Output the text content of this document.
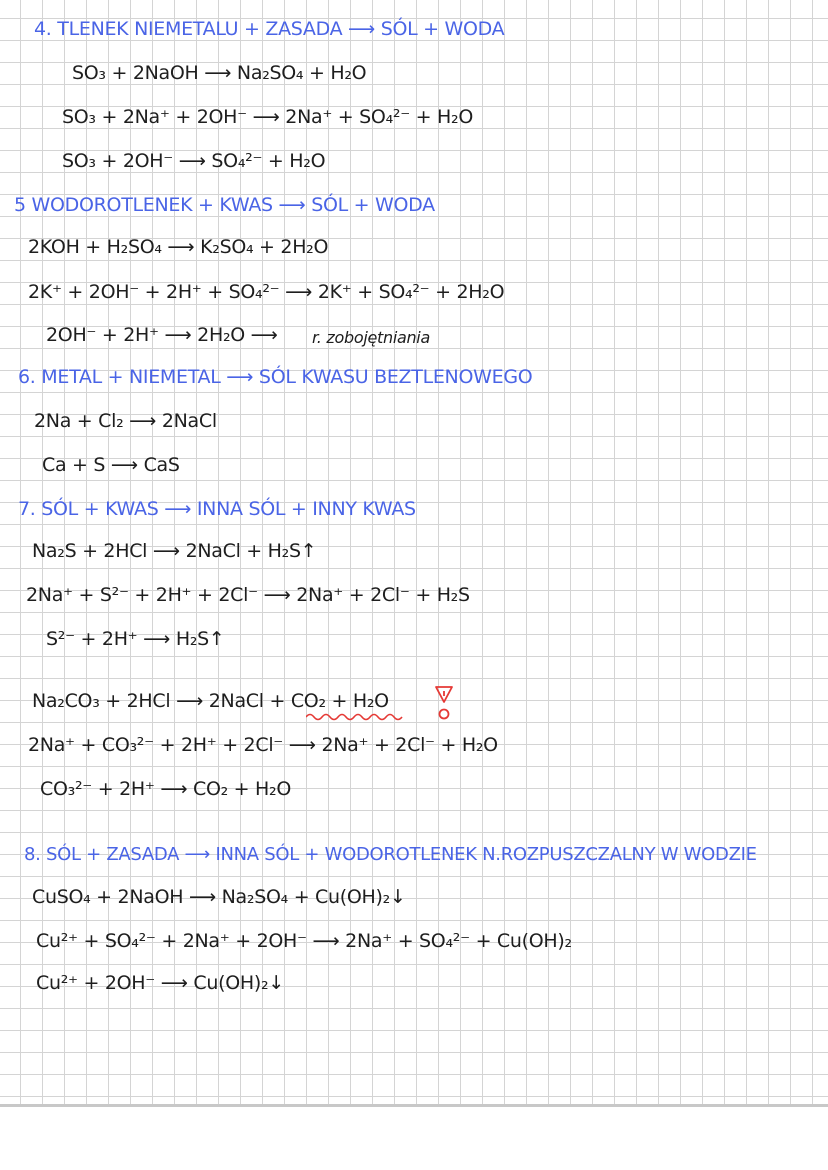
4. TLENEK NIEMETALU + ZASADA ⟶ SÓL + WODA
SO₃ + 2NaOH ⟶ Na₂SO₄ + H₂O
SO₃ + 2Na⁺ + 2OH⁻ ⟶ 2Na⁺ + SO₄²⁻ + H₂O
SO₃ + 2OH⁻ ⟶ SO₄²⁻ + H₂O
5 WODOROTLENEK + KWAS ⟶ SÓL + WODA
2KOH + H₂SO₄ ⟶ K₂SO₄ + 2H₂O
2K⁺ + 2OH⁻ + 2H⁺ + SO₄²⁻ ⟶ 2K⁺ + SO₄²⁻ + 2H₂O
2OH⁻ + 2H⁺ ⟶ 2H₂O ⟶ r. zobojętniania
6. METAL + NIEMETAL ⟶ SÓL KWASU BEZTLENOWEGO
2Na + Cl₂ ⟶ 2NaCl
Ca + S ⟶ CaS
7. SÓL + KWAS ⟶ INNA SÓL + INNY KWAS
Na₂S + 2HCl ⟶ 2NaCl + H₂S↑
2Na⁺ + S²⁻ + 2H⁺ + 2Cl⁻ ⟶ 2Na⁺ + 2Cl⁻ + H₂S
S²⁻ + 2H⁺ ⟶ H₂S↑
Na₂CO₃ + 2HCl ⟶ 2NaCl + CO₂ + H₂O
2Na⁺ + CO₃²⁻ + 2H⁺ + 2Cl⁻ ⟶ 2Na⁺ + 2Cl⁻ + H₂O
CO₃²⁻ + 2H⁺ ⟶ CO₂ + H₂O
8. SÓL + ZASADA ⟶ INNA SÓL + WODOROTLENEK N.ROZPUSZCZALNY W WODZIE
CuSO₄ + 2NaOH ⟶ Na₂SO₄ + Cu(OH)₂↓
Cu²⁺ + SO₄²⁻ + 2Na⁺ + 2OH⁻ ⟶ 2Na⁺ + SO₄²⁻ + Cu(OH)₂
Cu²⁺ + 2OH⁻ ⟶ Cu(OH)₂↓
